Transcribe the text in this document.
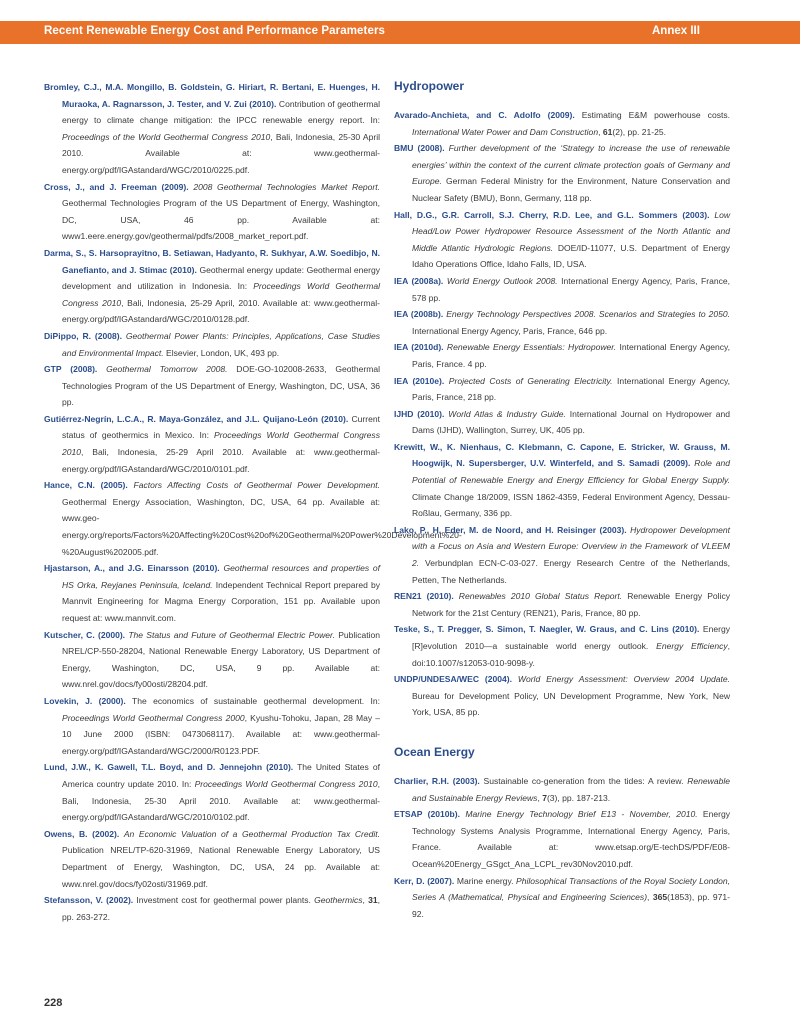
Recent Renewable Energy Cost and Performance Parameters	Annex III

Bromley, C.J., M.A. Mongillo, B. Goldstein, G. Hiriart, R. Bertani, E. Huenges, H. Muraoka, A. Ragnarsson, J. Tester, and V. Zui (2010). Contribution of geothermal energy to climate change mitigation: the IPCC renewable energy report. In: Proceedings of the World Geothermal Congress 2010, Bali, Indonesia, 25-30 April 2010. Available at: www.geothermal-energy.org/pdf/IGAstandard/WGC/2010/0225.pdf.

Cross, J., and J. Freeman (2009). 2008 Geothermal Technologies Market Report. Geothermal Technologies Program of the US Department of Energy, Washington, DC, USA, 46 pp. Available at: www1.eere.energy.gov/geothermal/pdfs/2008_market_report.pdf.

Darma, S., S. Harsoprayitno, B. Setiawan, Hadyanto, R. Sukhyar, A.W. Soedibjo, N. Ganefianto, and J. Stimac (2010). Geothermal energy update: Geothermal energy development and utilization in Indonesia. In: Proceedings World Geothermal Congress 2010, Bali, Indonesia, 25-29 April, 2010. Available at: www.geothermal-energy.org/pdf/IGAstandard/WGC/2010/0128.pdf.

DiPippo, R. (2008). Geothermal Power Plants: Principles, Applications, Case Studies and Environmental Impact. Elsevier, London, UK, 493 pp.

GTP (2008). Geothermal Tomorrow 2008. DOE-GO-102008-2633, Geothermal Technologies Program of the US Department of Energy, Washington, DC, USA, 36 pp.

Gutiérrez-Negrín, L.C.A., R. Maya-González, and J.L. Quijano-León (2010). Current status of geothermics in Mexico. In: Proceedings World Geothermal Congress 2010, Bali, Indonesia, 25-29 April 2010. Available at: www.geothermal-energy.org/pdf/IGAstandard/WGC/2010/0101.pdf.

Hance, C.N. (2005). Factors Affecting Costs of Geothermal Power Development. Geothermal Energy Association, Washington, DC, USA, 64 pp. Available at: www.geo-energy.org/reports/Factors%20Affecting%20Cost%20of%20Geothermal%20Power%20Development%20-%20August%202005.pdf.

Hjastarson, A., and J.G. Einarsson (2010). Geothermal resources and properties of HS Orka, Reyjanes Peninsula, Iceland. Independent Technical Report prepared by Mannvit Engineering for Magma Energy Corporation, 151 pp. Available upon request at: www.mannvit.com.

Kutscher, C. (2000). The Status and Future of Geothermal Electric Power. Publication NREL/CP-550-28204, National Renewable Energy Laboratory, US Department of Energy, Washington, DC, USA, 9 pp. Available at: www.nrel.gov/docs/fy00osti/28204.pdf.

Lovekin, J. (2000). The economics of sustainable geothermal development. In: Proceedings World Geothermal Congress 2000, Kyushu-Tohoku, Japan, 28 May – 10 June 2000 (ISBN: 0473068117). Available at: www.geothermal-energy.org/pdf/IGAstandard/WGC/2000/R0123.PDF.

Lund, J.W., K. Gawell, T.L. Boyd, and D. Jennejohn (2010). The United States of America country update 2010. In: Proceedings World Geothermal Congress 2010, Bali, Indonesia, 25-30 April 2010. Available at: www.geothermal-energy.org/pdf/IGAstandard/WGC/2010/0102.pdf.

Owens, B. (2002). An Economic Valuation of a Geothermal Production Tax Credit. Publication NREL/TP-620-31969, National Renewable Energy Laboratory, US Department of Energy, Washington, DC, USA, 24 pp. Available at: www.nrel.gov/docs/fy02osti/31969.pdf.

Stefansson, V. (2002). Investment cost for geothermal power plants. Geothermics, 31, pp. 263-272.

Hydropower

Avarado-Anchieta, and C. Adolfo (2009). Estimating E&M powerhouse costs. International Water Power and Dam Construction, 61(2), pp. 21-25.

BMU (2008). Further development of the ‘Strategy to increase the use of renewable energies’ within the context of the current climate protection goals of Germany and Europe. German Federal Ministry for the Environment, Nature Conservation and Nuclear Safety (BMU), Bonn, Germany, 118 pp.

Hall, D.G., G.R. Carroll, S.J. Cherry, R.D. Lee, and G.L. Sommers (2003). Low Head/Low Power Hydropower Resource Assessment of the North Atlantic and Middle Atlantic Hydrologic Regions. DOE/ID-11077, U.S. Department of Energy Idaho Operations Office, Idaho Falls, ID, USA.

IEA (2008a). World Energy Outlook 2008. International Energy Agency, Paris, France, 578 pp.

IEA (2008b). Energy Technology Perspectives 2008. Scenarios and Strategies to 2050. International Energy Agency, Paris, France, 646 pp.

IEA (2010d). Renewable Energy Essentials: Hydropower. International Energy Agency, Paris, France. 4 pp.

IEA (2010e). Projected Costs of Generating Electricity. International Energy Agency, Paris, France, 218 pp.

IJHD (2010). World Atlas & Industry Guide. International Journal on Hydropower and Dams (IJHD), Wallington, Surrey, UK, 405 pp.

Krewitt, W., K. Nienhaus, C. Klebmann, C. Capone, E. Stricker, W. Grauss, M. Hoogwijk, N. Supersberger, U.V. Winterfeld, and S. Samadi (2009). Role and Potential of Renewable Energy and Energy Efficiency for Global Energy Supply. Climate Change 18/2009, ISSN 1862-4359, Federal Environment Agency, Dessau-Roßlau, Germany, 336 pp.

Lako, P., H. Eder, M. de Noord, and H. Reisinger (2003). Hydropower Development with a Focus on Asia and Western Europe: Overview in the Framework of VLEEM 2. Verbundplan ECN-C-03-027. Energy Research Centre of the Netherlands, Petten, The Netherlands.

REN21 (2010). Renewables 2010 Global Status Report. Renewable Energy Policy Network for the 21st Century (REN21), Paris, France, 80 pp.

Teske, S., T. Pregger, S. Simon, T. Naegler, W. Graus, and C. Lins (2010). Energy [R]evolution 2010—a sustainable world energy outlook. Energy Efficiency, doi:10.1007/s12053-010-9098-y.

UNDP/UNDESA/WEC (2004). World Energy Assessment: Overview 2004 Update. Bureau for Development Policy, UN Development Programme, New York, New York, USA, 85 pp.

Ocean Energy

Charlier, R.H. (2003). Sustainable co-generation from the tides: A review. Renewable and Sustainable Energy Reviews, 7(3), pp. 187-213.

ETSAP (2010b). Marine Energy Technology Brief E13 - November, 2010. Energy Technology Systems Analysis Programme, International Energy Agency, Paris, France. Available at: www.etsap.org/E-techDS/PDF/E08-Ocean%20Energy_GSgct_Ana_LCPL_rev30Nov2010.pdf.

Kerr, D. (2007). Marine energy. Philosophical Transactions of the Royal Society London, Series A (Mathematical, Physical and Engineering Sciences), 365(1853), pp. 971-92.

228
